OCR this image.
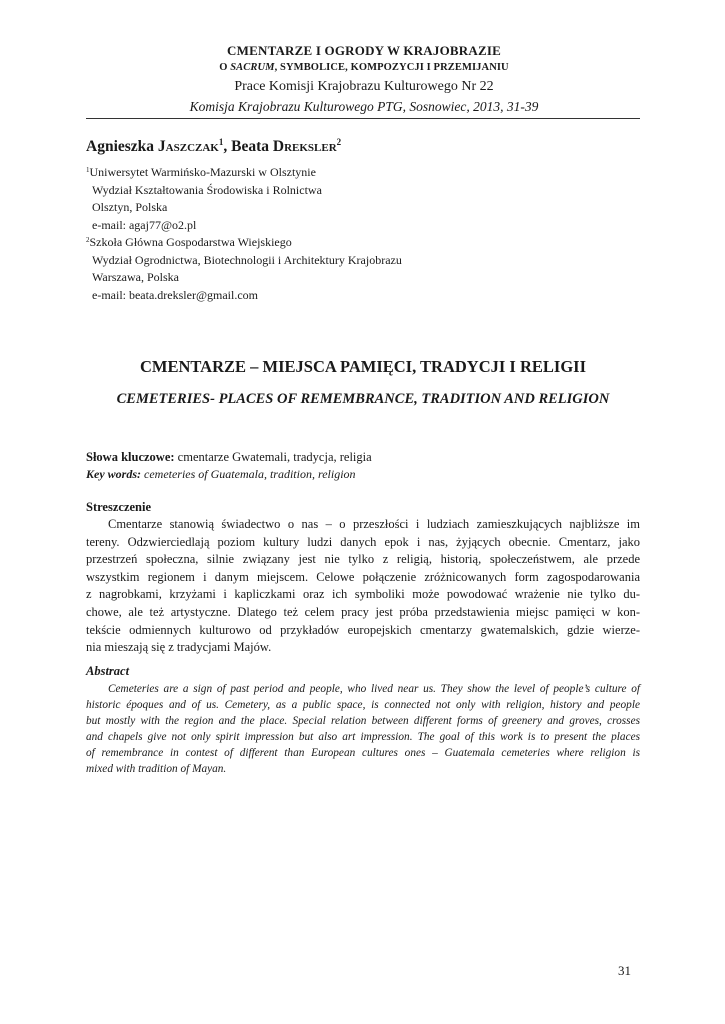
CMENTARZE I OGRODY W KRAJOBRAZIE
O SACRUM, SYMBOLICE, KOMPOZYCJI I PRZEMIJANIU
Prace Komisji Krajobrazu Kulturowego Nr 22
Komisja Krajobrazu Kulturowego PTG, Sosnowiec, 2013, 31-39
Agnieszka Jaszczak$^1$, Beata Dreksler$^2$
$^1$Uniwersytet Warmińsko-Mazurski w Olsztynie
Wydział Kształtowania Środowiska i Rolnictwa
Olsztyn, Polska
e-mail: agaj77@o2.pl
$^2$Szkoła Główna Gospodarstwa Wiejskiego
Wydział Ogrodnictwa, Biotechnologii i Architektury Krajobrazu
Warszawa, Polska
e-mail: beata.dreksler@gmail.com
CMENTARZE – MIEJSCA PAMIĘCI, TRADYCJI I RELIGII
CEMETERIES- PLACES OF REMEMBRANCE, TRADITION AND RELIGION
Słowa kluczowe: cmentarze Gwatemali, tradycja, religia
Key words: cemeteries of Guatemala, tradition, religion
Streszczenie
Cmentarze stanowią świadectwo o nas – o przeszłości i ludziach zamieszkujących najbliższe im
tereny. Odzwierciedlają poziom kultury ludzi danych epok i nas, żyjących obecnie. Cmentarz, jako
przestrzeń społeczna, silnie związany jest nie tylko z religią, historią, społeczeństwem, ale przede
wszystkim regionem i danym miejscem. Celowe połączenie zróżnicowanych form zagospodarowania
z nagrobkami, krzyżami i kapliczkami oraz ich symboliki może powodować wrażenie nie tylko du-
chowe, ale też artystyczne. Dlatego też celem pracy jest próba przedstawienia miejsc pamięci w kon-
tekście odmiennych kulturowo od przykładów europejskich cmentarzy gwatemalskich, gdzie wierze-
nia mieszają się z tradycjami Majów.
Abstract
Cemeteries are a sign of past period and people, who lived near us. They show the level of people’s culture of
historic époques and of us. Cemetery, as a public space, is connected not only with religion, history and people
but mostly with the region and the place. Special relation between different forms of greenery and groves, crosses
and chapels give not only spirit impression but also art impression. The goal of this work is to present the places
of remembrance in contest of different than European cultures ones – Guatemala cemeteries where religion is
mixed with tradition of Mayan.
31
